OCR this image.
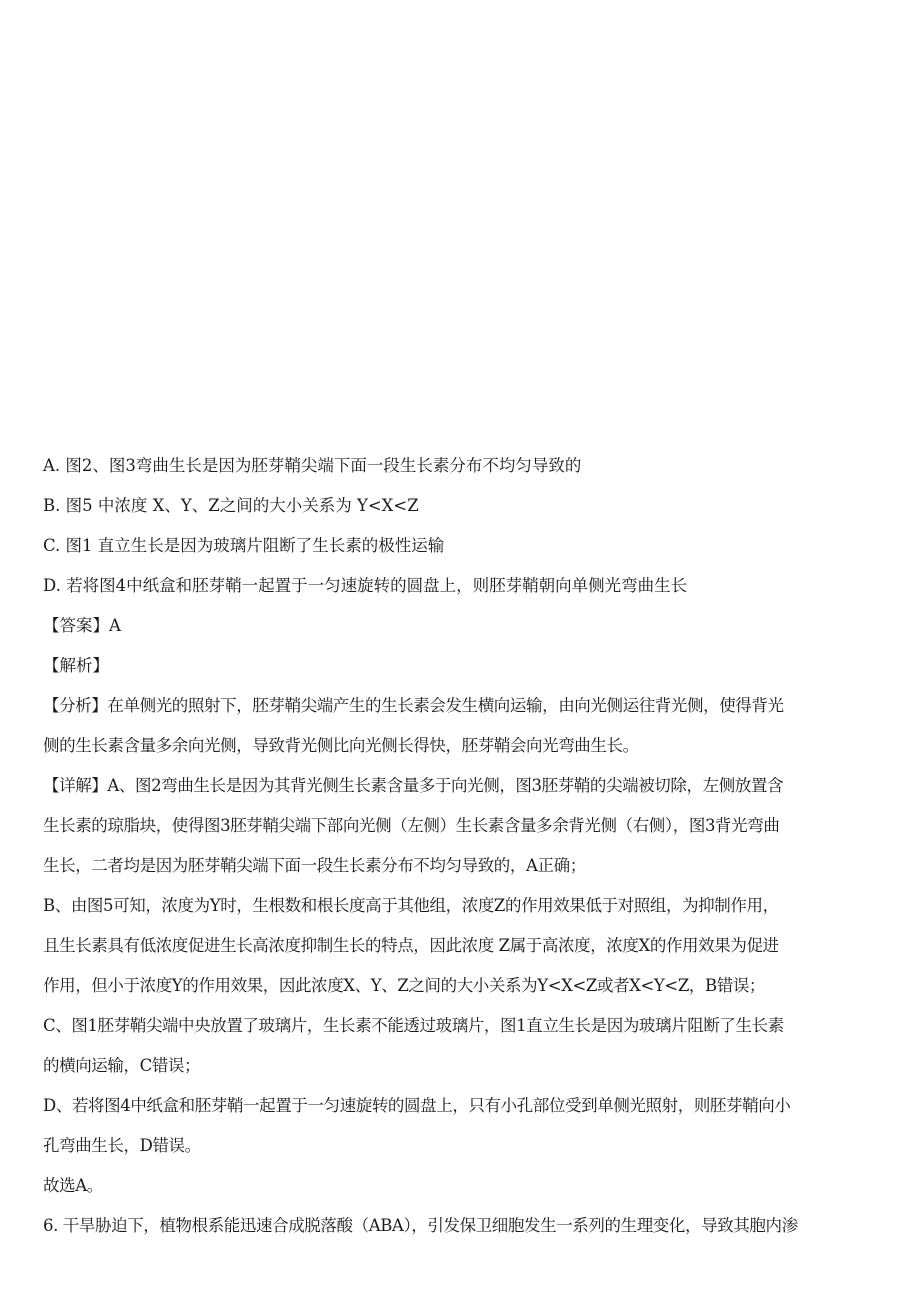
A. 图2、图3弯曲生长是因为胚芽鞘尖端下面一段生长素分布不均匀导致的
B. 图5 中浓度 X、Y、Z之间的大小关系为 Y<X<Z
C. 图1 直立生长是因为玻璃片阻断了生长素的极性运输
D. 若将图4中纸盒和胚芽鞘一起置于一匀速旋转的圆盘上，则胚芽鞘朝向单侧光弯曲生长
【答案】A
【解析】
【分析】在单侧光的照射下，胚芽鞘尖端产生的生长素会发生横向运输，由向光侧运往背光侧，使得背光
侧的生长素含量多余向光侧，导致背光侧比向光侧长得快，胚芽鞘会向光弯曲生长。
【详解】A、图2弯曲生长是因为其背光侧生长素含量多于向光侧，图3胚芽鞘的尖端被切除，左侧放置含
生长素的琼脂块，使得图3胚芽鞘尖端下部向光侧（左侧）生长素含量多余背光侧（右侧），图3背光弯曲
生长，二者均是因为胚芽鞘尖端下面一段生长素分布不均匀导致的，A正确；
B、由图5可知，浓度为Y时，生根数和根长度高于其他组，浓度Z的作用效果低于对照组，为抑制作用，
且生长素具有低浓度促进生长高浓度抑制生长的特点，因此浓度 Z属于高浓度，浓度X的作用效果为促进
作用，但小于浓度Y的作用效果，因此浓度X、Y、Z之间的大小关系为Y<X<Z或者X<Y<Z，B错误；
C、图1胚芽鞘尖端中央放置了玻璃片，生长素不能透过玻璃片，图1直立生长是因为玻璃片阻断了生长素
的横向运输，C错误；
D、若将图4中纸盒和胚芽鞘一起置于一匀速旋转的圆盘上，只有小孔部位受到单侧光照射，则胚芽鞘向小
孔弯曲生长，D错误。
故选A。
6. 干旱胁迫下，植物根系能迅速合成脱落酸（ABA），引发保卫细胞发生一系列的生理变化，导致其胞内渗
